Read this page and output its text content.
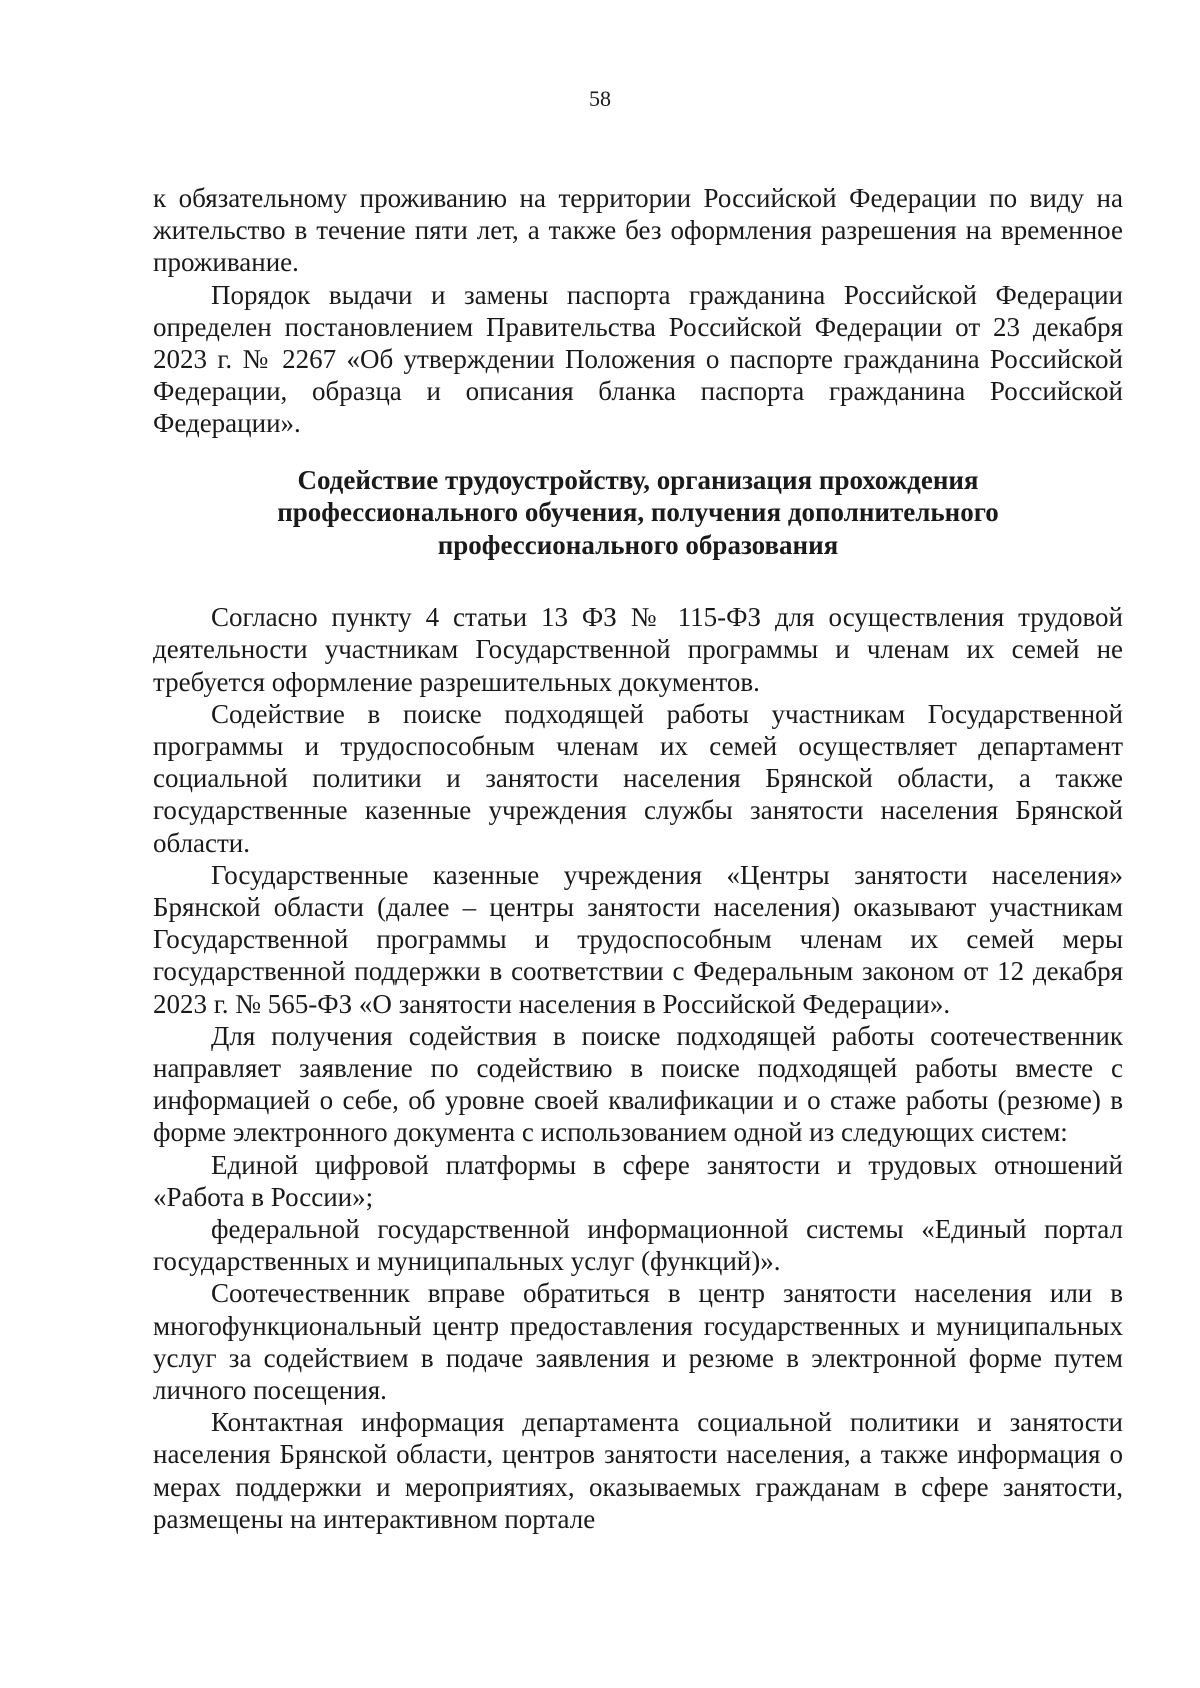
58

к обязательному проживанию на территории Российской Федерации по виду на жительство в течение пяти лет, а также без оформления разрешения на временное проживание.

Порядок выдачи и замены паспорта гражданина Российской Федерации определен постановлением Правительства Российской Федерации от 23 декабря 2023 г. № 2267 «Об утверждении Положения о паспорте гражданина Российской Федерации, образца и описания бланка паспорта гражданина Российской Федерации».

Содействие трудоустройству, организация прохождения
профессионального обучения, получения дополнительного
профессионального образования

Согласно пункту 4 статьи 13 ФЗ № 115-ФЗ для осуществления трудовой деятельности участникам Государственной программы и членам их семей не требуется оформление разрешительных документов.

Содействие в поиске подходящей работы участникам Государственной программы и трудоспособным членам их семей осуществляет департамент социальной политики и занятости населения Брянской области, а также государственные казенные учреждения службы занятости населения Брянской области.

Государственные казенные учреждения «Центры занятости населения» Брянской области (далее – центры занятости населения) оказывают участникам Государственной программы и трудоспособным членам их семей меры государственной поддержки в соответствии с Федеральным законом от 12 декабря 2023 г. № 565-ФЗ «О занятости населения в Российской Федерации».

Для получения содействия в поиске подходящей работы соотечественник направляет заявление по содействию в поиске подходящей работы вместе с информацией о себе, об уровне своей квалификации и о стаже работы (резюме) в форме электронного документа с использованием одной из следующих систем:

Единой цифровой платформы в сфере занятости и трудовых отношений «Работа в России»;

федеральной государственной информационной системы «Единый портал государственных и муниципальных услуг (функций)».

Соотечественник вправе обратиться в центр занятости населения или в многофункциональный центр предоставления государственных и муниципальных услуг за содействием в подаче заявления и резюме в электронной форме путем личного посещения.

Контактная информация департамента социальной политики и занятости населения Брянской области, центров занятости населения, а также информация о мерах поддержки и мероприятиях, оказываемых гражданам в сфере занятости, размещены на интерактивном портале
